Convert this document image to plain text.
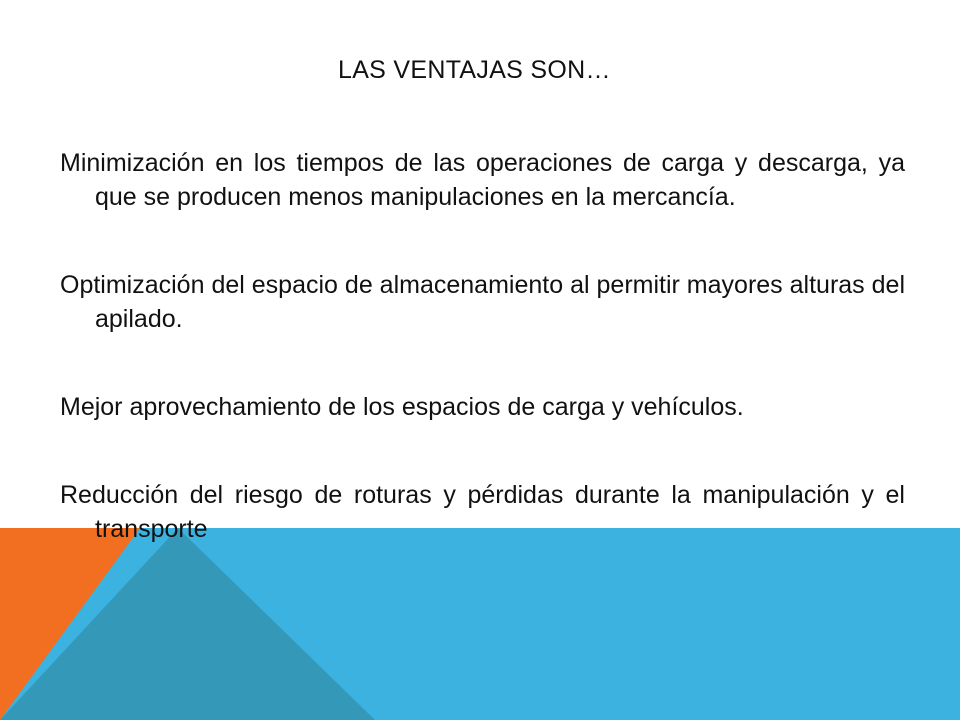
LAS VENTAJAS SON…
Minimización en los tiempos de las operaciones de carga y descarga, ya que se producen menos manipulaciones en la mercancía.
Optimización del espacio de almacenamiento al permitir mayores alturas del apilado.
Mejor aprovechamiento de los espacios de carga y vehículos.
Reducción del riesgo de roturas y pérdidas durante la manipulación y el transporte
